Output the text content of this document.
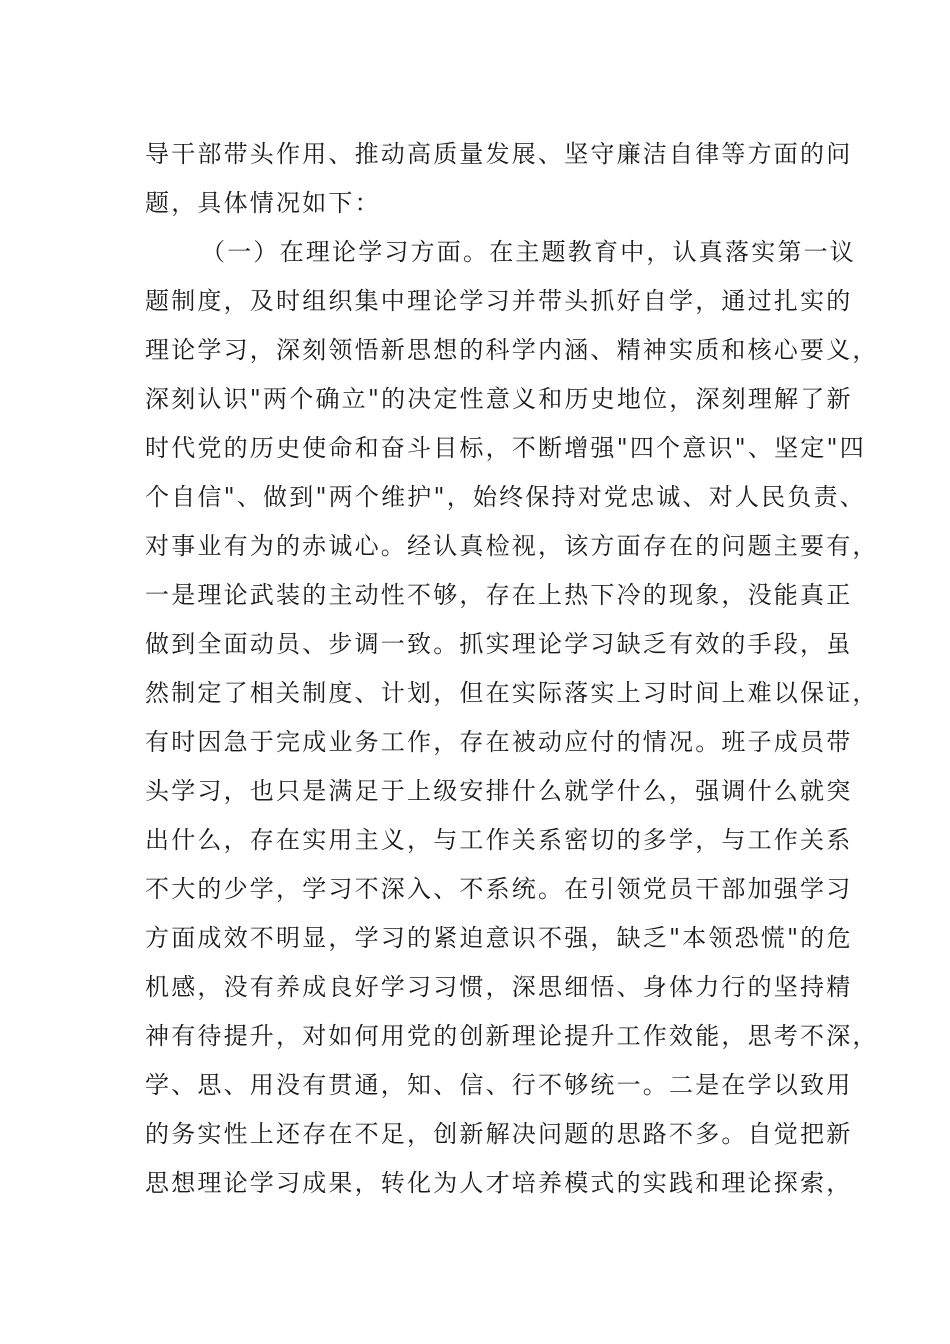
导干部带头作用、推动高质量发展、坚守廉洁自律等方面的问
题，具体情况如下：
（一）在理论学习方面。在主题教育中，认真落实第一议
题制度，及时组织集中理论学习并带头抓好自学，通过扎实的
理论学习，深刻领悟新思想的科学内涵、精神实质和核心要义，
深刻认识"两个确立"的决定性意义和历史地位，深刻理解了新
时代党的历史使命和奋斗目标，不断增强"四个意识"、坚定"四
个自信"、做到"两个维护"，始终保持对党忠诚、对人民负责、
对事业有为的赤诚心。经认真检视，该方面存在的问题主要有，
一是理论武装的主动性不够，存在上热下冷的现象，没能真正
做到全面动员、步调一致。抓实理论学习缺乏有效的手段，虽
然制定了相关制度、计划，但在实际落实上习时间上难以保证，
有时因急于完成业务工作，存在被动应付的情况。班子成员带
头学习，也只是满足于上级安排什么就学什么，强调什么就突
出什么，存在实用主义，与工作关系密切的多学，与工作关系
不大的少学，学习不深入、不系统。在引领党员干部加强学习
方面成效不明显，学习的紧迫意识不强，缺乏"本领恐慌"的危
机感，没有养成良好学习习惯，深思细悟、身体力行的坚持精
神有待提升，对如何用党的创新理论提升工作效能，思考不深，
学、思、用没有贯通，知、信、行不够统一。二是在学以致用
的务实性上还存在不足，创新解决问题的思路不多。自觉把新
思想理论学习成果，转化为人才培养模式的实践和理论探索，
